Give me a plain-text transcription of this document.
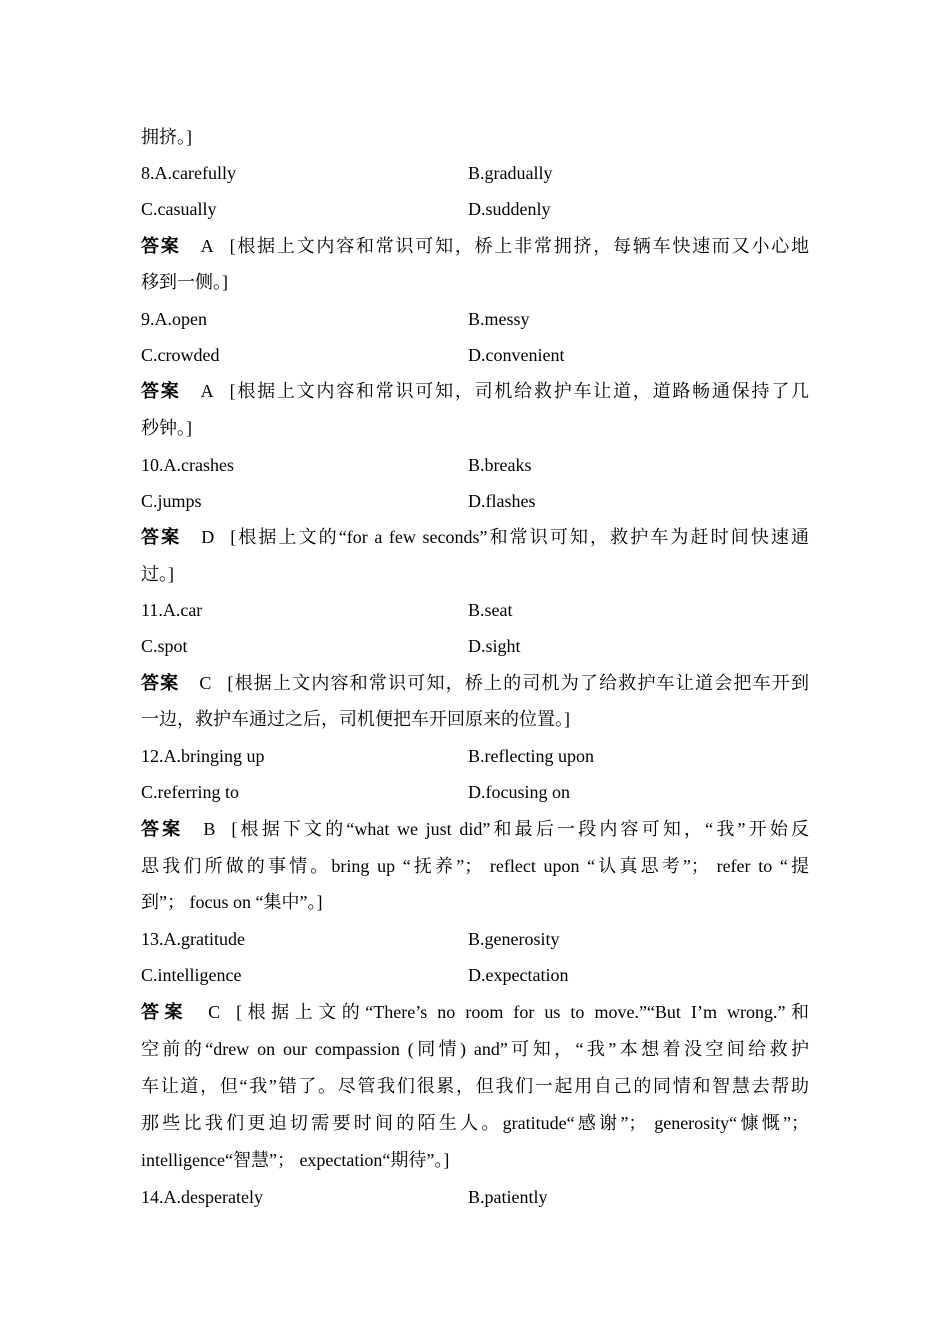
拥挤。]
8.A.carefully	B.gradually
C.casually	D.suddenly
答案 A [根据上文内容和常识可知，桥上非常拥挤，每辆车快速而又小心地
移到一侧。]
9.A.open	B.messy
C.crowded	D.convenient
答案 A [根据上文内容和常识可知，司机给救护车让道，道路畅通保持了几
秒钟。]
10.A.crashes	B.breaks
C.jumps	D.flashes
答案 D [根据上文的“for a few seconds”和常识可知，救护车为赶时间快速通
过。]
11.A.car	B.seat
C.spot	D.sight
答案 C [根据上文内容和常识可知，桥上的司机为了给救护车让道会把车开到
一边，救护车通过之后，司机便把车开回原来的位置。]
12.A.bringing up	B.reflecting upon
C.referring to	D.focusing on
答案 B [根据下文的“what we just did”和最后一段内容可知，“我”开始反
思我们所做的事情。bring up “抚养”； reflect upon “认真思考”； refer to “提
到”； focus on “集中”。]
13.A.gratitude	B.generosity
C.intelligence	D.expectation
答案 C [根据上文的“There’s no room for us to move.”“But I’m wrong.”和
空前的“drew on our compassion (同情) and”可知，“我”本想着没空间给救护
车让道，但“我”错了。尽管我们很累，但我们一起用自己的同情和智慧去帮助
那些比我们更迫切需要时间的陌生人。gratitude“感谢”； generosity“慷慨”；
intelligence“智慧”； expectation“期待”。]
14.A.desperately	B.patiently
